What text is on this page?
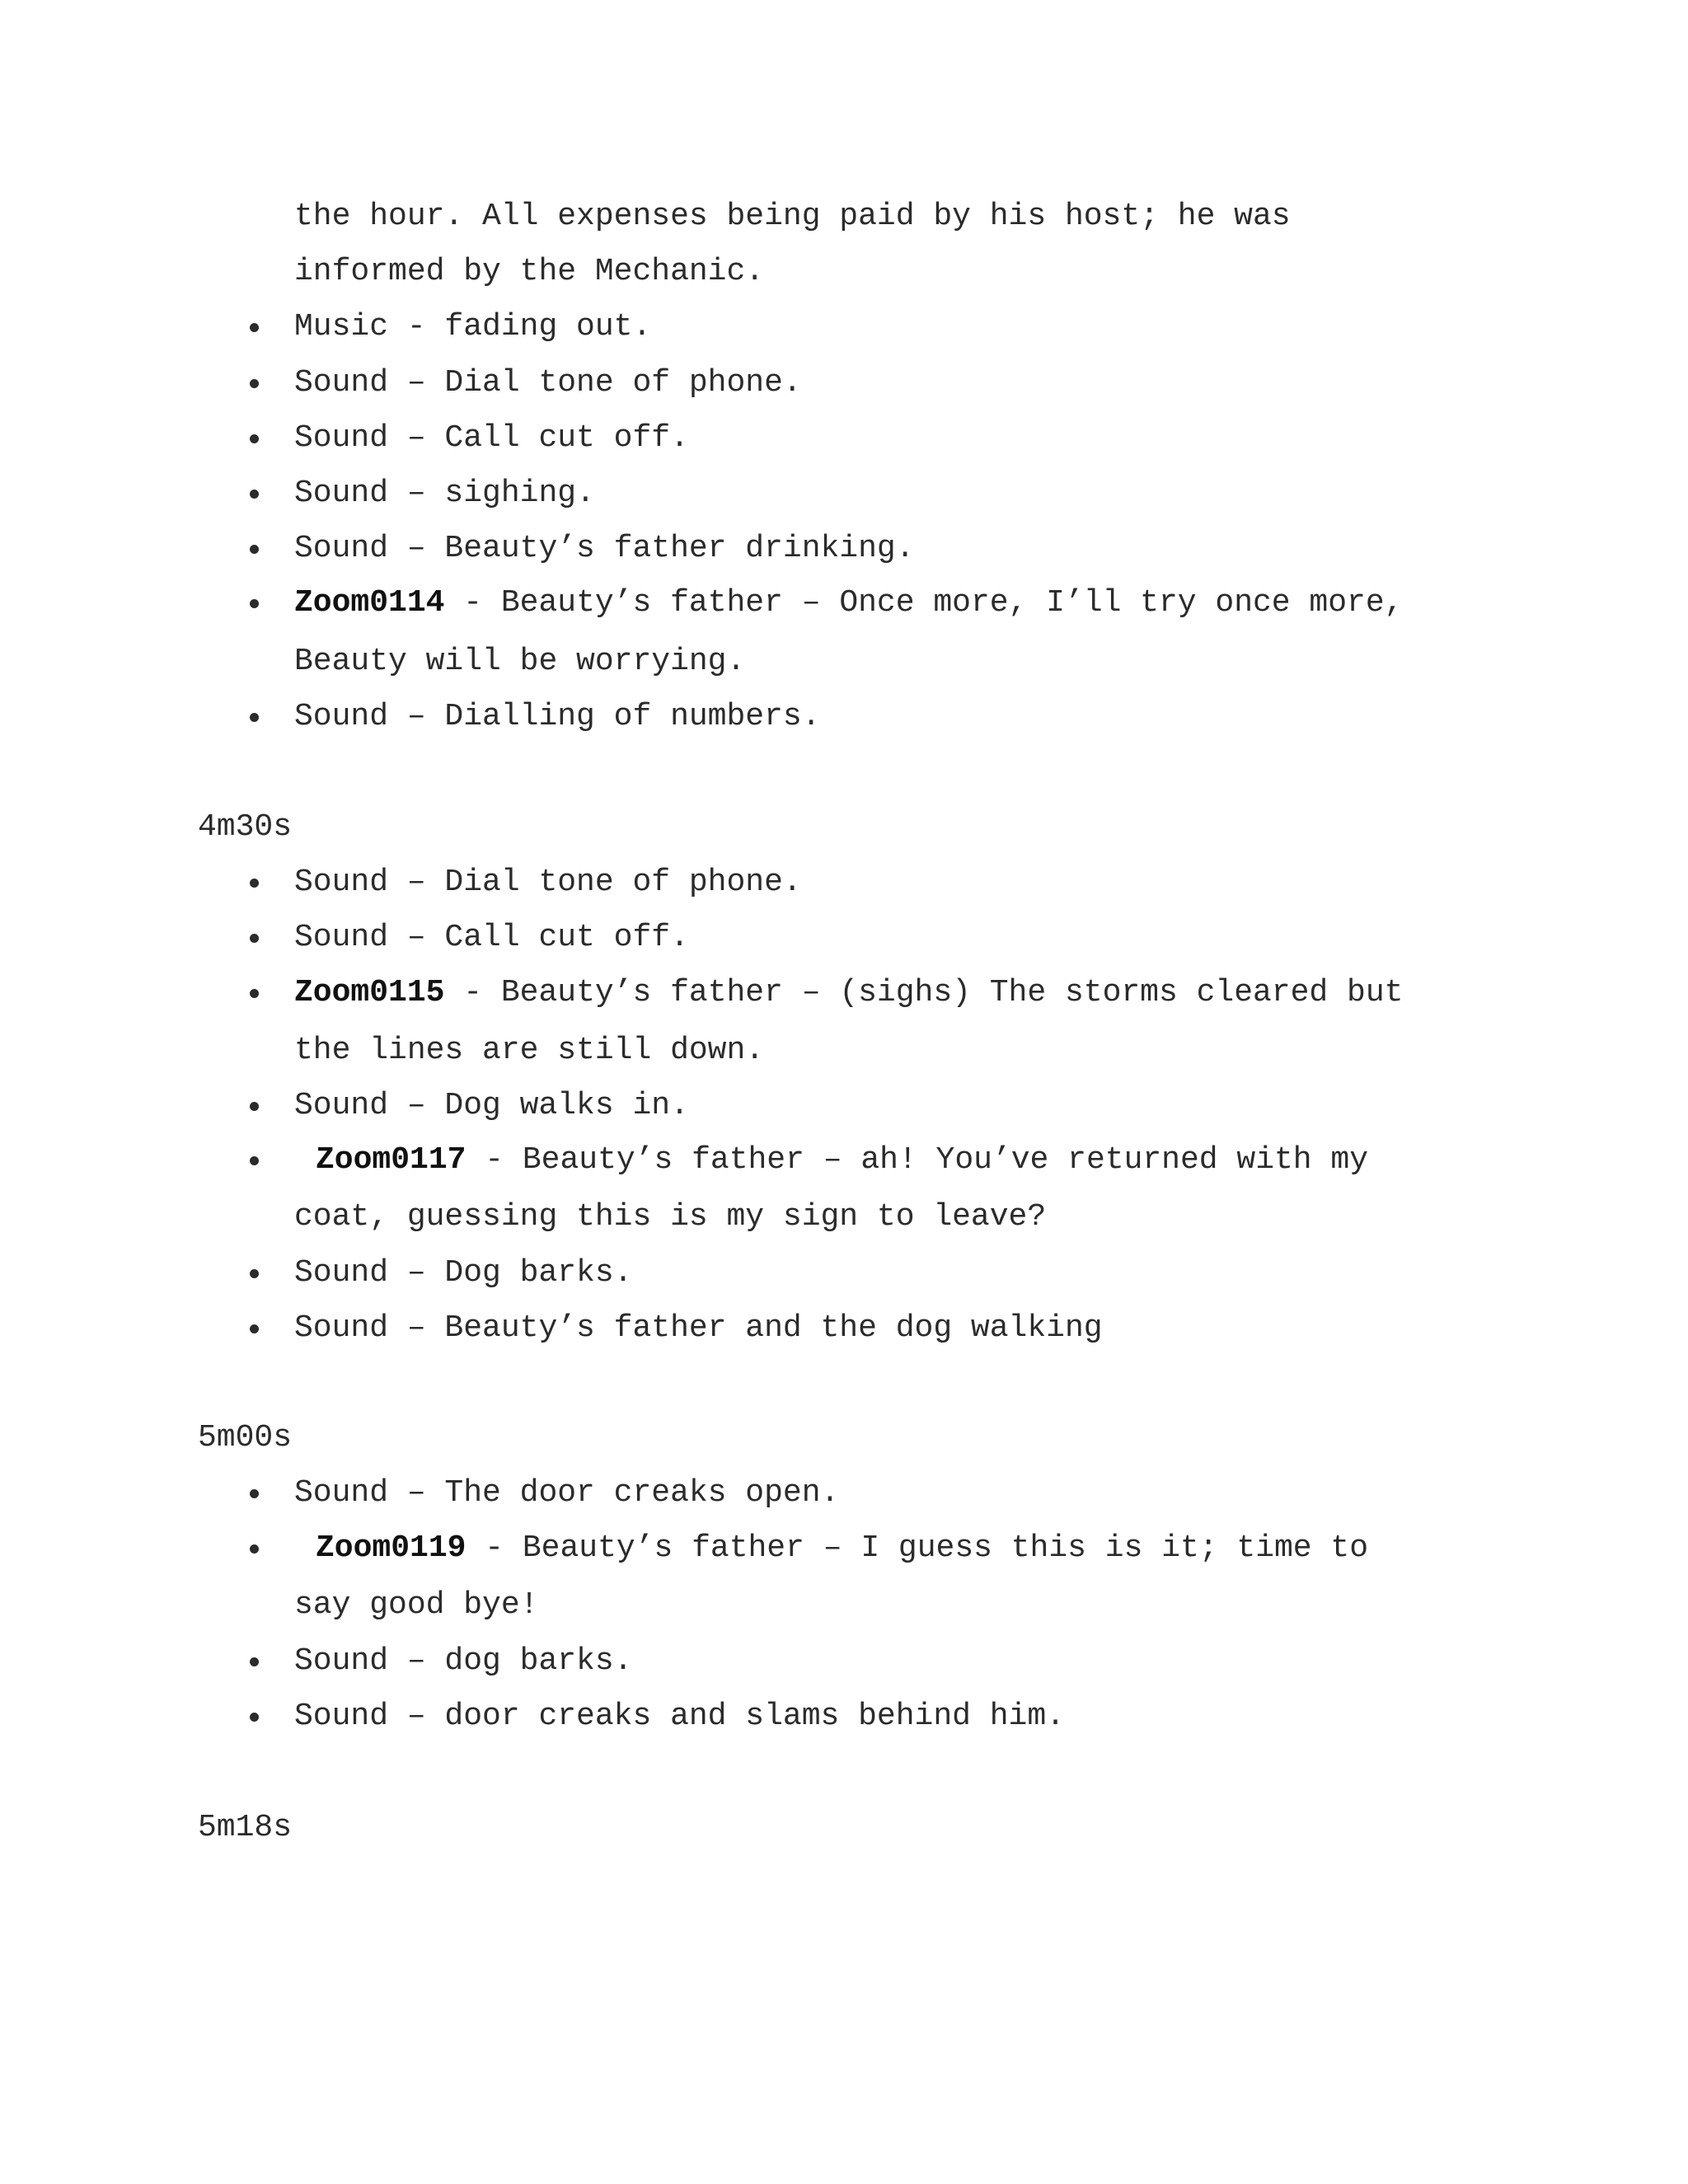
the hour. All expenses being paid by his host; he was
informed by the Mechanic.
Music - fading out.
Sound – Dial tone of phone.
Sound – Call cut off.
Sound – sighing.
Sound – Beauty’s father drinking.
Zoom0114 - Beauty’s father – Once more, I’ll try once more,
Beauty will be worrying.
Sound – Dialling of numbers.
4m30s
Sound – Dial tone of phone.
Sound – Call cut off.
Zoom0115 - Beauty’s father – (sighs) The storms cleared but
the lines are still down.
Sound – Dog walks in.
Zoom0117 - Beauty’s father – ah! You’ve returned with my
coat, guessing this is my sign to leave?
Sound – Dog barks.
Sound – Beauty’s father and the dog walking
5m00s
Sound – The door creaks open.
Zoom0119 - Beauty’s father – I guess this is it; time to
say good bye!
Sound – dog barks.
Sound – door creaks and slams behind him.
5m18s
